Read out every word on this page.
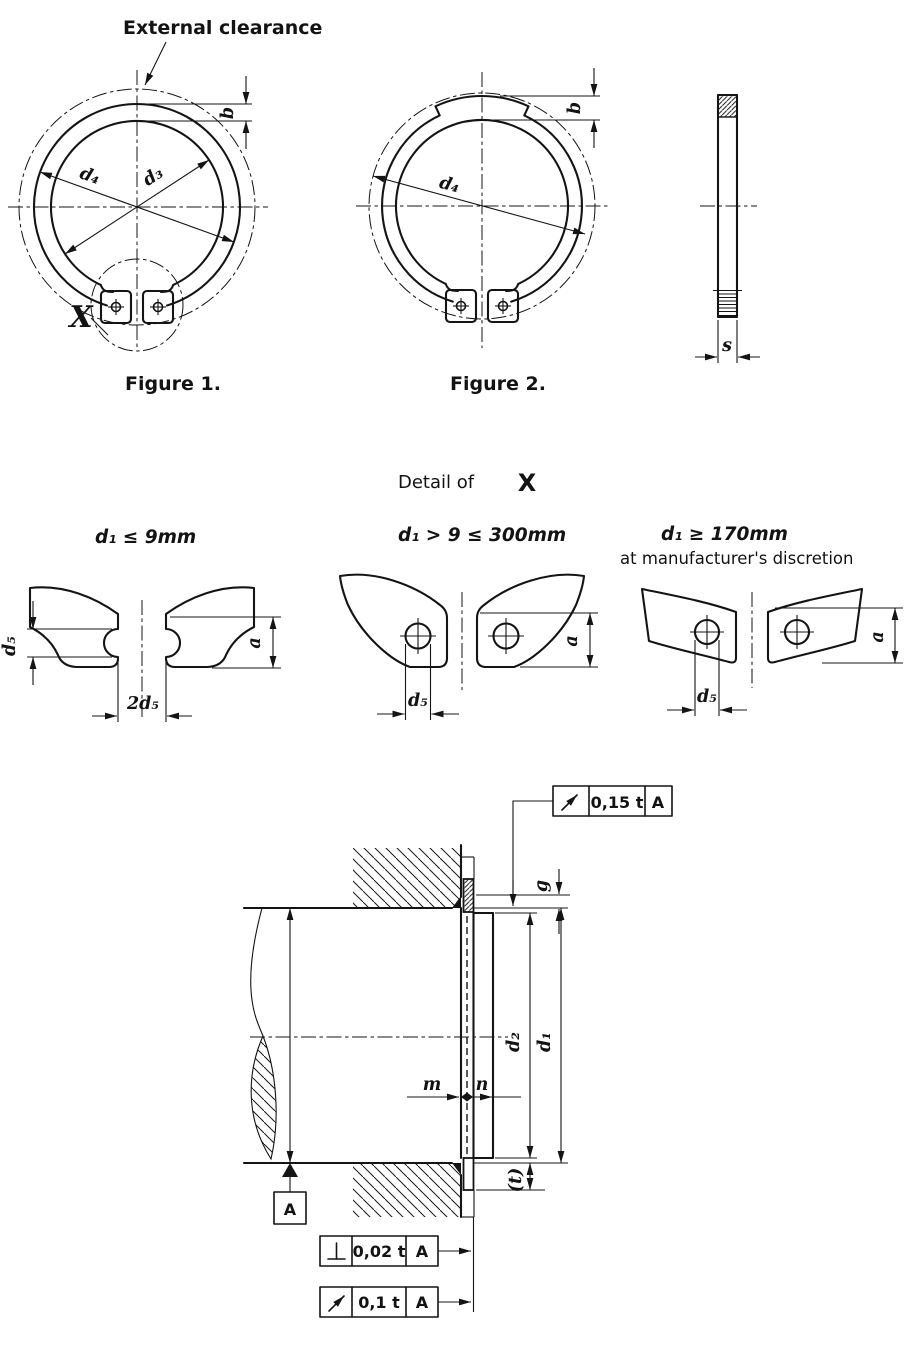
d₄ d₃
b
External clearance
X
Figure 1.
d₄
b
Figure 2.
s
Detail of X
d₁ ≤ 9mm
d₅
2d₅
a
d₁ > 9 ≤ 300mm
d₅
a
d₁ ≥ 170mm
at manufacturer's discretion
d₅
a
A
g
d₂ d₁
(t)
m n
0,15 t A
0,02 t A
0,1 t A
